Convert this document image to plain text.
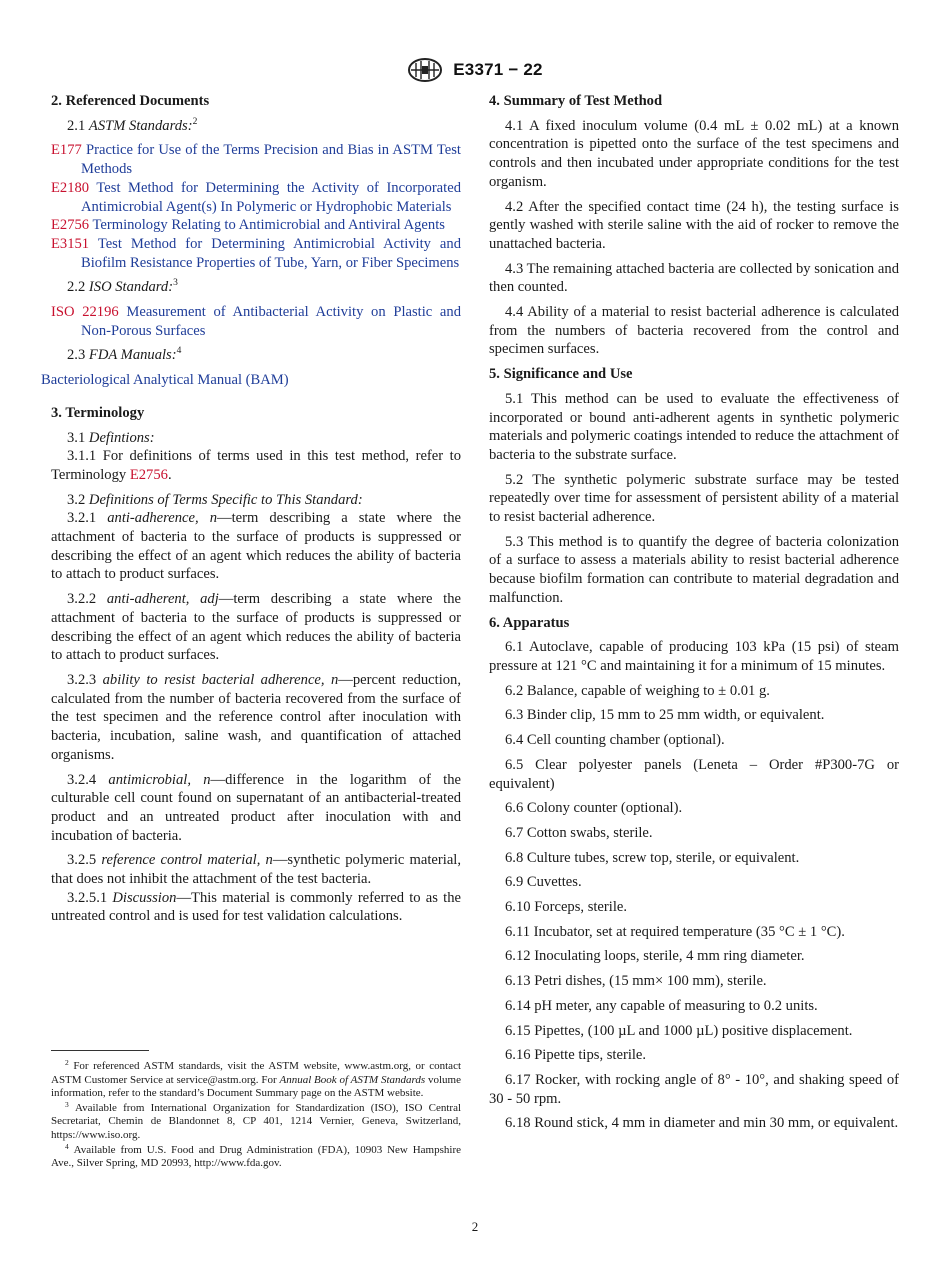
E3371 − 22
2. Referenced Documents

2.1 ASTM Standards:$^2$

E177 Practice for Use of the Terms Precision and Bias in ASTM Test Methods
E2180 Test Method for Determining the Activity of Incorporated Antimicrobial Agent(s) In Polymeric or Hydrophobic Materials
E2756 Terminology Relating to Antimicrobial and Antiviral Agents
E3151 Test Method for Determining Antimicrobial Activity and Biofilm Resistance Properties of Tube, Yarn, or Fiber Specimens

2.2 ISO Standard:$^3$

ISO 22196 Measurement of Antibacterial Activity on Plastic and Non-Porous Surfaces

2.3 FDA Manuals:$^4$

Bacteriological Analytical Manual (BAM)
3. Terminology

3.1 Defintions:

3.1.1 For definitions of terms used in this test method, refer to Terminology E2756.

3.2 Definitions of Terms Specific to This Standard:

3.2.1 anti-adherence, n—term describing a state where the attachment of bacteria to the surface of products is suppressed or describing the effect of an agent which reduces the ability of bacteria to attach to product surfaces.

3.2.2 anti-adherent, adj—term describing a state where the attachment of bacteria to the surface of products is suppressed or describing the effect of an agent which reduces the ability of bacteria to attach to product surfaces.

3.2.3 ability to resist bacterial adherence, n—percent reduction, calculated from the number of bacteria recovered from the surface of the test specimen and the reference control after inoculation with bacteria, incubation, saline wash, and quantification of attached organisms.

3.2.4 antimicrobial, n—difference in the logarithm of the culturable cell count found on supernatant of an antibacterial-treated product and an untreated product after inoculation with and incubation of bacteria.

3.2.5 reference control material, n—synthetic polymeric material, that does not inhibit the attachment of the test bacteria.

3.2.5.1 Discussion—This material is commonly referred to as the untreated control and is used for test validation calculations.

4. Summary of Test Method

4.1 A fixed inoculum volume (0.4 mL ± 0.02 mL) at a known concentration is pipetted onto the surface of the test specimens and controls and then incubated under appropriate conditions for the test organism.

4.2 After the specified contact time (24 h), the testing surface is gently washed with sterile saline with the aid of rocker to remove the unattached bacteria.

4.3 The remaining attached bacteria are collected by sonication and then counted.

4.4 Ability of a material to resist bacterial adherence is calculated from the numbers of bacteria recovered from the control and specimen surfaces.

5. Significance and Use

5.1 This method can be used to evaluate the effectiveness of incorporated or bound anti-adherent agents in synthetic polymeric materials and polymeric coatings intended to reduce the attachment of bacteria to the substrate surface.

5.2 The synthetic polymeric substrate surface may be tested repeatedly over time for assessment of persistent ability of a material to resist bacterial adherence.

5.3 This method is to quantify the degree of bacteria colonization of a surface to assess a materials ability to resist bacterial adherence because biofilm formation can contribute to material degradation and malfunction.

6. Apparatus

6.1 Autoclave, capable of producing 103 kPa (15 psi) of steam pressure at 121 °C and maintaining it for a minimum of 15 minutes.

6.2 Balance, capable of weighing to ± 0.01 g.

6.3 Binder clip, 15 mm to 25 mm width, or equivalent.

6.4 Cell counting chamber (optional).

6.5 Clear polyester panels (Leneta – Order #P300-7G or equivalent)

6.6 Colony counter (optional).

6.7 Cotton swabs, sterile.

6.8 Culture tubes, screw top, sterile, or equivalent.

6.9 Cuvettes.

6.10 Forceps, sterile.

6.11 Incubator, set at required temperature (35 °C ± 1 °C).

6.12 Inoculating loops, sterile, 4 mm ring diameter.

6.13 Petri dishes, (15 mm× 100 mm), sterile.

6.14 pH meter, any capable of measuring to 0.2 units.

6.15 Pipettes, (100 µL and 1000 µL) positive displacement.

6.16 Pipette tips, sterile.

6.17 Rocker, with rocking angle of 8° - 10°, and shaking speed of 30 - 50 rpm.

6.18 Round stick, 4 mm in diameter and min 30 mm, or equivalent.

$^2$ For referenced ASTM standards, visit the ASTM website, www.astm.org, or contact ASTM Customer Service at service@astm.org. For Annual Book of ASTM Standards volume information, refer to the standard’s Document Summary page on the ASTM website.

$^3$ Available from International Organization for Standardization (ISO), ISO Central Secretariat, Chemin de Blandonnet 8, CP 401, 1214 Vernier, Geneva, Switzerland, https://www.iso.org.

$^4$ Available from U.S. Food and Drug Administration (FDA), 10903 New Hampshire Ave., Silver Spring, MD 20993, http://www.fda.gov.

2
